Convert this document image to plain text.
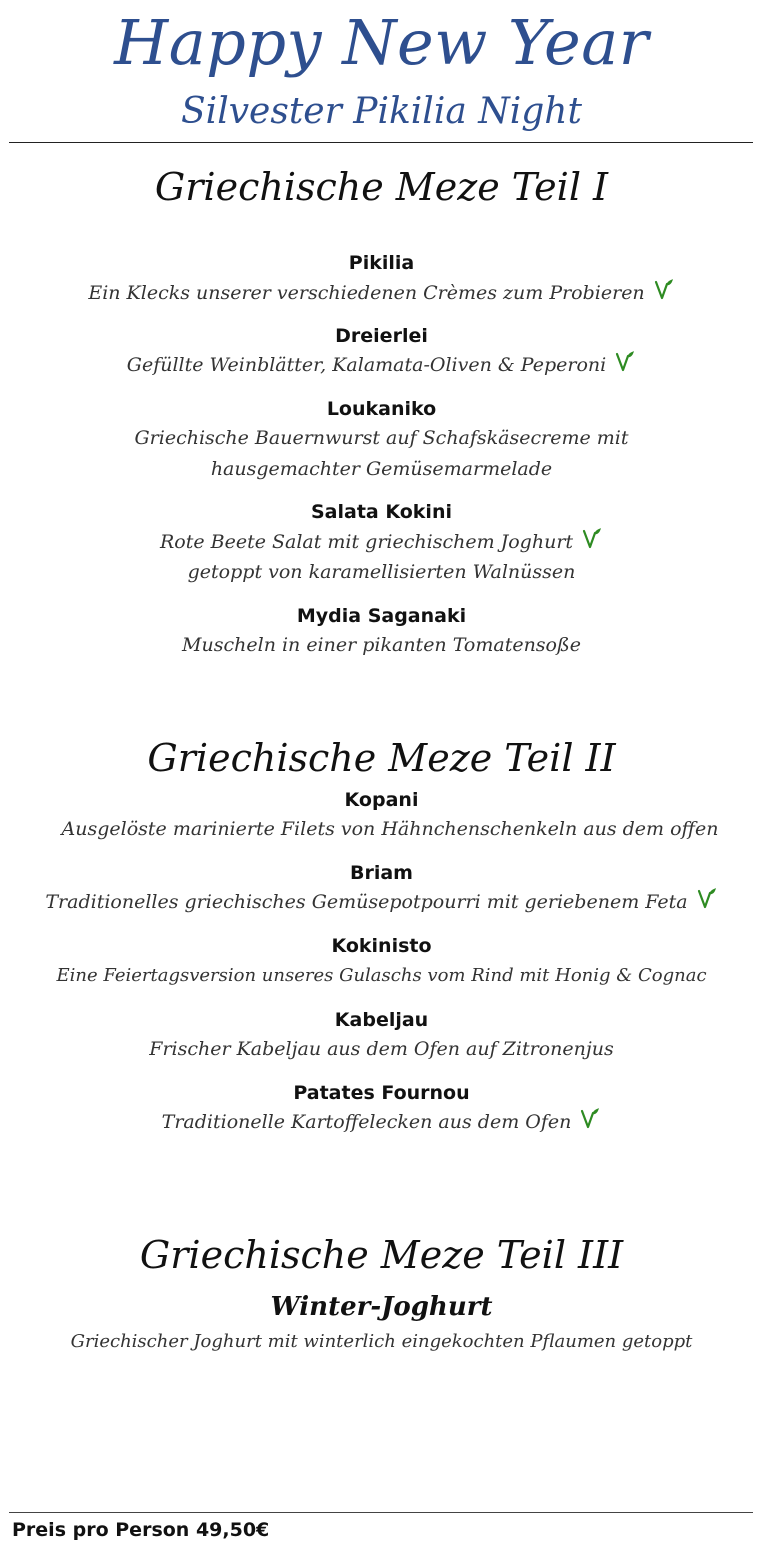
Happy New Year
Silvester Pikilia Night
Griechische Meze Teil I
Pikilia
Ein Klecks unserer verschiedenen Crèmes zum Probieren
Dreierlei
Gefüllte Weinblätter, Kalamata-Oliven & Peperoni
Loukaniko
Griechische Bauernwurst auf Schafskäsecreme mit
hausgemachter Gemüsemarmelade
Salata Kokini
Rote Beete Salat mit griechischem Joghurt
getoppt von karamellisierten Walnüssen
Mydia Saganaki
Muscheln in einer pikanten Tomatensoße
Griechische Meze Teil II
Kopani
Ausgelöste marinierte Filets von Hähnchenschenkeln aus dem offen
Briam
Traditionelles griechisches Gemüsepotpourri mit geriebenem Feta
Kokinisto
Eine Feiertagsversion unseres Gulaschs vom Rind mit Honig & Cognac
Kabeljau
Frischer Kabeljau aus dem Ofen auf Zitronenjus
Patates Fournou
Traditionelle Kartoffelecken aus dem Ofen
Griechische Meze Teil III
Winter-Joghurt
Griechischer Joghurt mit winterlich eingekochten Pflaumen getoppt
Preis pro Person 49,50€
